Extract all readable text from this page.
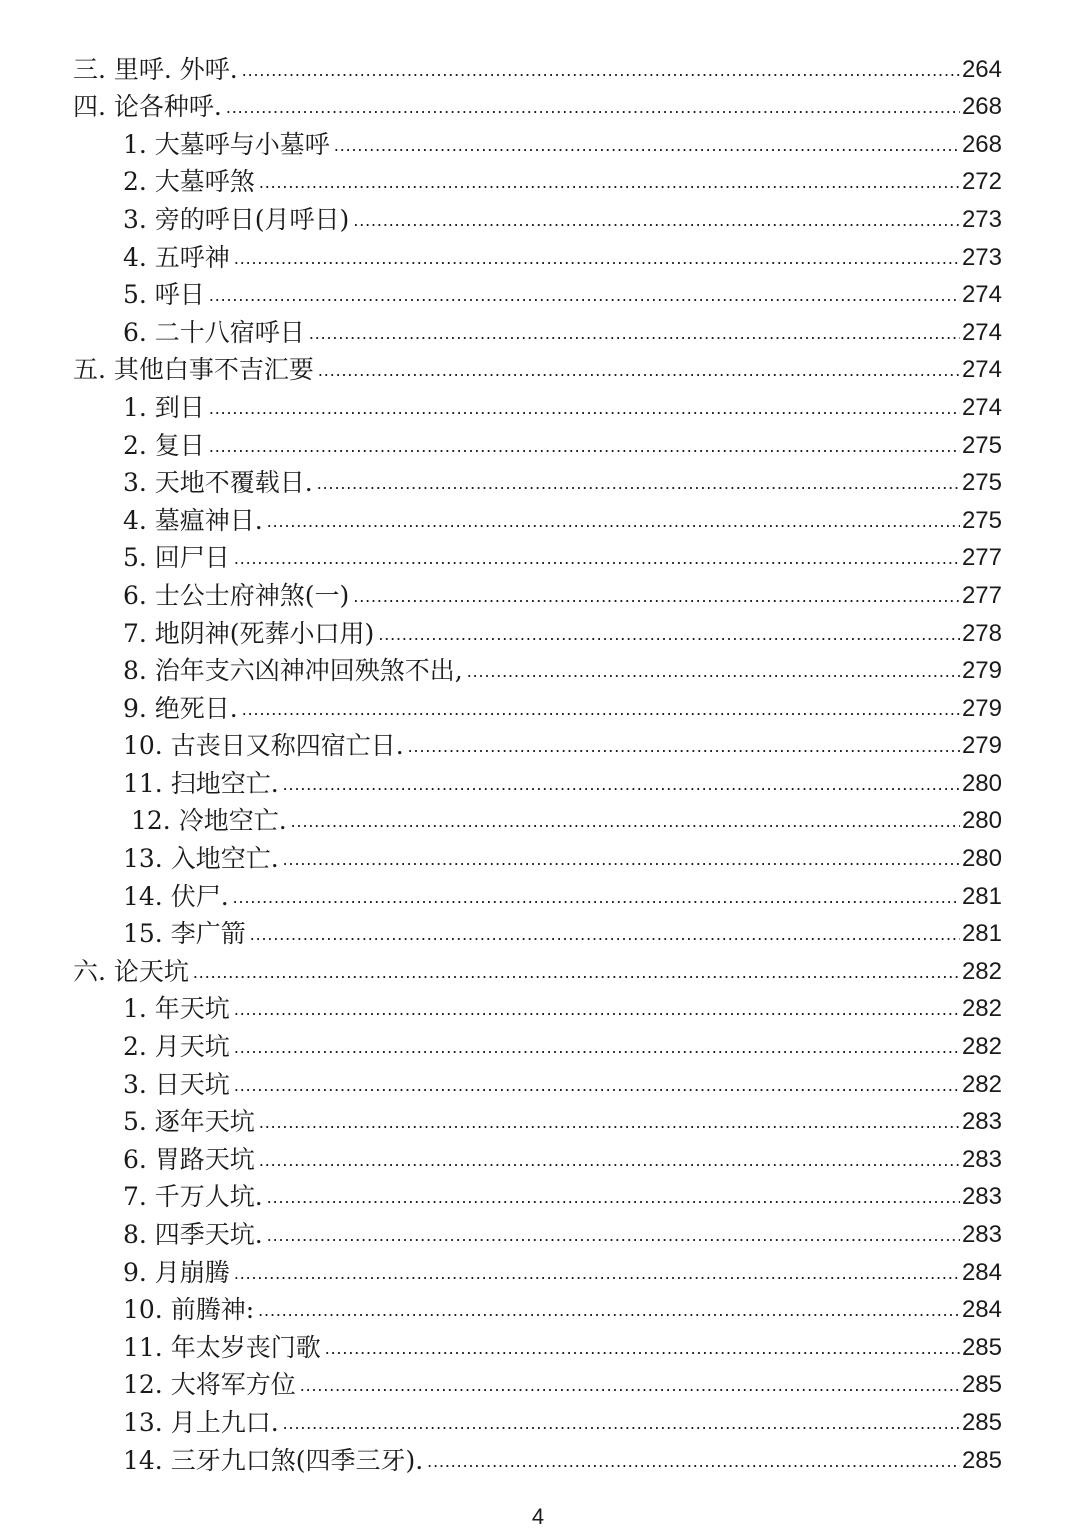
三. 里呼. 外呼. .....	264
四. 论各种呼. .....	268
1. 大墓呼与小墓呼 .....	268
2. 大墓呼煞 .....	272
3. 旁的呼日(月呼日) .....	273
4. 五呼神 .....	273
5. 呼日 .....	274
6. 二十八宿呼日 .....	274
五. 其他白事不吉汇要 .....	274
1. 到日 .....	274
2. 复日 .....	275
3. 天地不覆载日. .....	275
4. 墓瘟神日. .....	275
5. 回尸日 .....	277
6. 士公士府神煞(一) .....	277
7. 地阴神(死葬小口用) .....	278
8. 治年支六凶神冲回殃煞不出, .....	279
9. 绝死日. .....	279
10. 古丧日又称四宿亡日. .....	279
11. 扫地空亡. .....	280
12. 冷地空亡. .....	280
13. 入地空亡. .....	280
14. 伏尸. .....	281
15. 李广箭 .....	281
六. 论天坑 .....	282
1. 年天坑 .....	282
2. 月天坑 .....	282
3. 日天坑 .....	282
5. 逐年天坑 .....	283
6. 胃路天坑 .....	283
7. 千万人坑. .....	283
8. 四季天坑. .....	283
9. 月崩腾 .....	284
10. 前腾神: .....	284
11. 年太岁丧门歌 .....	285
12. 大将军方位 .....	285
13. 月上九口. .....	285
14. 三牙九口煞(四季三牙). .....	285
4
